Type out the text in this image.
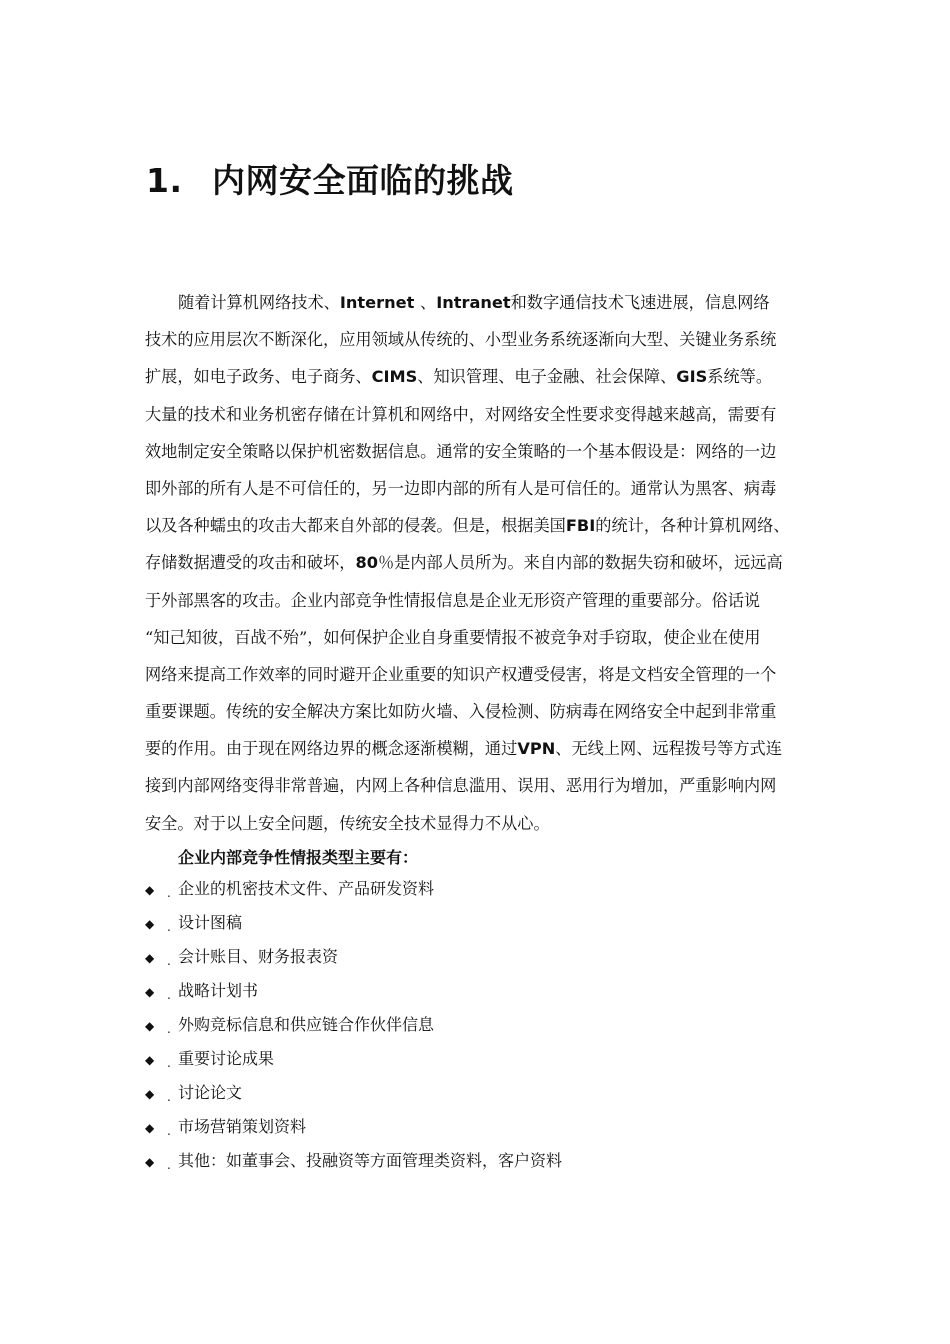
1. 内网安全面临的挑战
随着计算机网络技术、Internet 、Intranet和数字通信技术飞速进展，信息网络
技术的应用层次不断深化，应用领域从传统的、小型业务系统逐渐向大型、关键业务系统
扩展，如电子政务、电子商务、CIMS、知识管理、电子金融、社会保障、GIS系统等。
大量的技术和业务机密存储在计算机和网络中，对网络安全性要求变得越来越高，需要有
效地制定安全策略以保护机密数据信息。通常的安全策略的一个基本假设是：网络的一边
即外部的所有人是不可信任的，另一边即内部的所有人是可信任的。通常认为黑客、病毒
以及各种蠕虫的攻击大都来自外部的侵袭。但是，根据美国FBI的统计，各种计算机网络、
存储数据遭受的攻击和破坏，80％是内部人员所为。来自内部的数据失窃和破坏，远远高
于外部黑客的攻击。企业内部竞争性情报信息是企业无形资产管理的重要部分。俗话说
“知己知彼，百战不殆”，如何保护企业自身重要情报不被竞争对手窃取，使企业在使用
网络来提高工作效率的同时避开企业重要的知识产权遭受侵害，将是文档安全管理的一个
重要课题。传统的安全解决方案比如防火墙、入侵检测、防病毒在网络安全中起到非常重
要的作用。由于现在网络边界的概念逐渐模糊，通过VPN、无线上网、远程拨号等方式连
接到内部网络变得非常普遍，内网上各种信息滥用、误用、恶用行为增加，严重影响内网
安全。对于以上安全问题，传统安全技术显得力不从心。
企业内部竞争性情报类型主要有：
◆ . 企业的机密技术文件、产品研发资料
◆ . 设计图稿
◆ . 会计账目、财务报表资
◆ . 战略计划书
◆ . 外购竞标信息和供应链合作伙伴信息
◆ . 重要讨论成果
◆ . 讨论论文
◆ . 市场营销策划资料
◆ . 其他：如董事会、投融资等方面管理类资料，客户资料
